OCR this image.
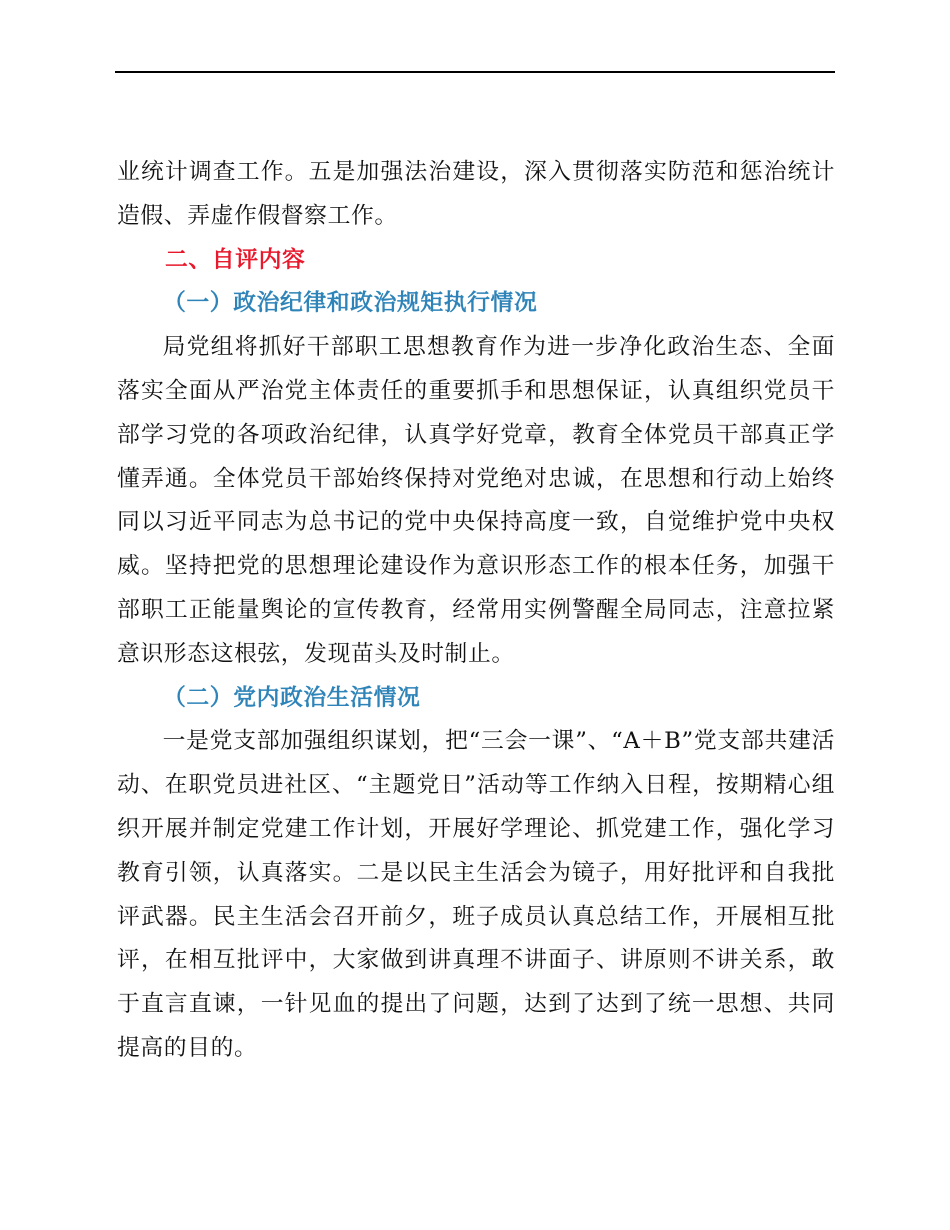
业统计调查工作。五是加强法治建设，深入贯彻落实防范和惩治统计造假、弄虚作假督察工作。

二、自评内容

（一）政治纪律和政治规矩执行情况

局党组将抓好干部职工思想教育作为进一步净化政治生态、全面落实全面从严治党主体责任的重要抓手和思想保证，认真组织党员干部学习党的各项政治纪律，认真学好党章，教育全体党员干部真正学懂弄通。全体党员干部始终保持对党绝对忠诚，在思想和行动上始终同以习近平同志为总书记的党中央保持高度一致，自觉维护党中央权威。坚持把党的思想理论建设作为意识形态工作的根本任务，加强干部职工正能量舆论的宣传教育，经常用实例警醒全局同志，注意拉紧意识形态这根弦，发现苗头及时制止。

（二）党内政治生活情况

一是党支部加强组织谋划，把“三会一课”、“A＋B”党支部共建活动、在职党员进社区、“主题党日”活动等工作纳入日程，按期精心组织开展并制定党建工作计划，开展好学理论、抓党建工作，强化学习教育引领，认真落实。二是以民主生活会为镜子，用好批评和自我批评武器。民主生活会召开前夕，班子成员认真总结工作，开展相互批评，在相互批评中，大家做到讲真理不讲面子、讲原则不讲关系，敢于直言直谏，一针见血的提出了问题，达到了达到了统一思想、共同提高的目的。
